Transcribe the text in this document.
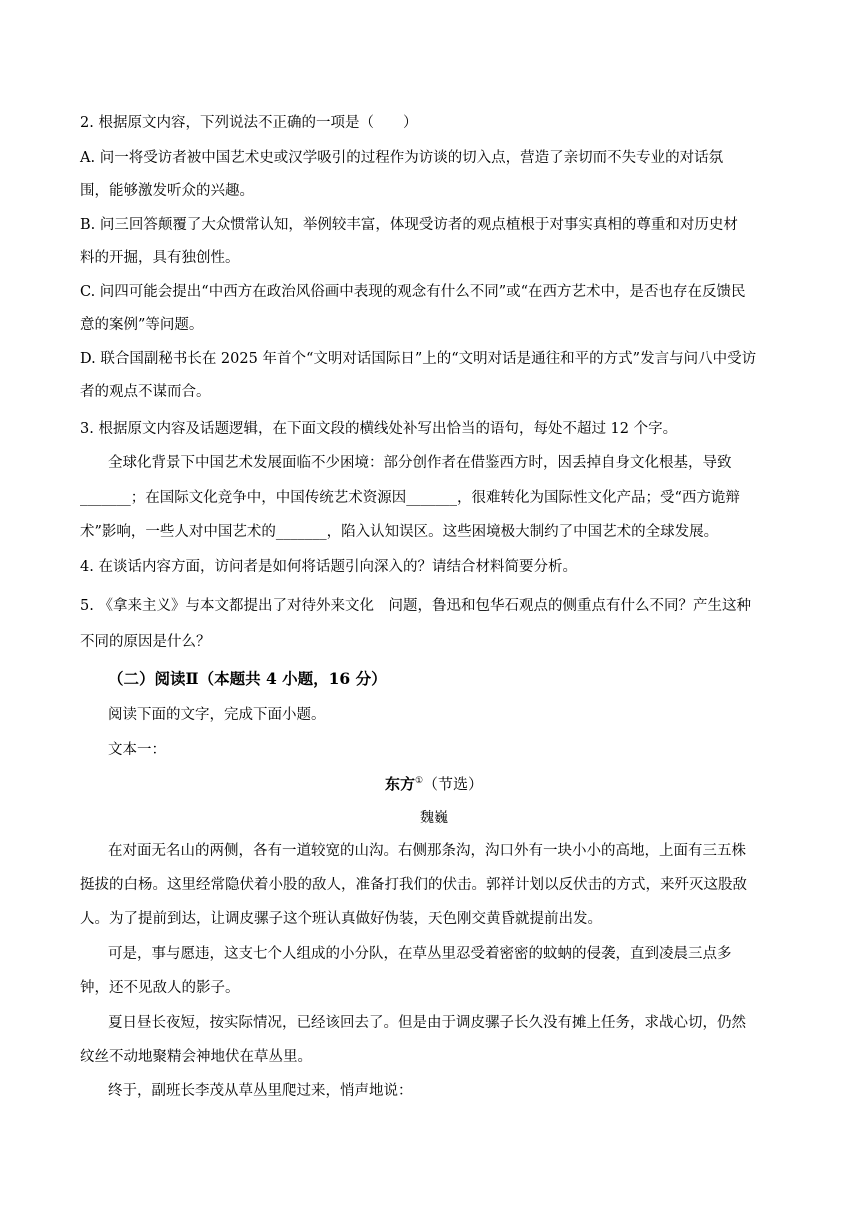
2. 根据原文内容，下列说法不正确的一项是（　　）
A. 问一将受访者被中国艺术史或汉学吸引的过程作为访谈的切入点，营造了亲切而不失专业的对话氛
围，能够激发听众的兴趣。
B. 问三回答颠覆了大众惯常认知，举例较丰富，体现受访者的观点植根于对事实真相的尊重和对历史材
料的开掘，具有独创性。
C. 问四可能会提出“中西方在政治风俗画中表现的观念有什么不同”或“在西方艺术中，是否也存在反馈民
意的案例”等问题。
D. 联合国副秘书长在 2025 年首个“文明对话国际日”上的“文明对话是通往和平的方式”发言与问八中受访
者的观点不谋而合。
3. 根据原文内容及话题逻辑，在下面文段的横线处补写出恰当的语句，每处不超过 12 个字。
全球化背景下中国艺术发展面临不少困境：部分创作者在借鉴西方时，因丢掉自身文化根基，导致
_______；在国际文化竞争中，中国传统艺术资源因_______，很难转化为国际性文化产品；受“西方诡辩
术”影响，一些人对中国艺术的_______，陷入认知误区。这些困境极大制约了中国艺术的全球发展。
4. 在谈话内容方面，访问者是如何将话题引向深入的？请结合材料简要分析。
5. 《拿来主义》与本文都提出了对待外来文化　问题，鲁迅和包华石观点的侧重点有什么不同？产生这种
不同的原因是什么？
（二）阅读Ⅱ（本题共 4 小题，16 分）
阅读下面的文字，完成下面小题。
文本一：
东方①（节选）
魏巍
在对面无名山的两侧，各有一道较宽的山沟。右侧那条沟，沟口外有一块小小的高地，上面有三五株
挺拔的白杨。这里经常隐伏着小股的敌人，准备打我们的伏击。郭祥计划以反伏击的方式，来歼灭这股敌
人。为了提前到达，让调皮骡子这个班认真做好伪装，天色刚交黄昏就提前出发。
可是，事与愿违，这支七个人组成的小分队，在草丛里忍受着密密的蚊蚋的侵袭，直到凌晨三点多
钟，还不见敌人的影子。
夏日昼长夜短，按实际情况，已经该回去了。但是由于调皮骡子长久没有摊上任务，求战心切，仍然
纹丝不动地聚精会神地伏在草丛里。
终于，副班长李茂从草丛里爬过来，悄声地说：
